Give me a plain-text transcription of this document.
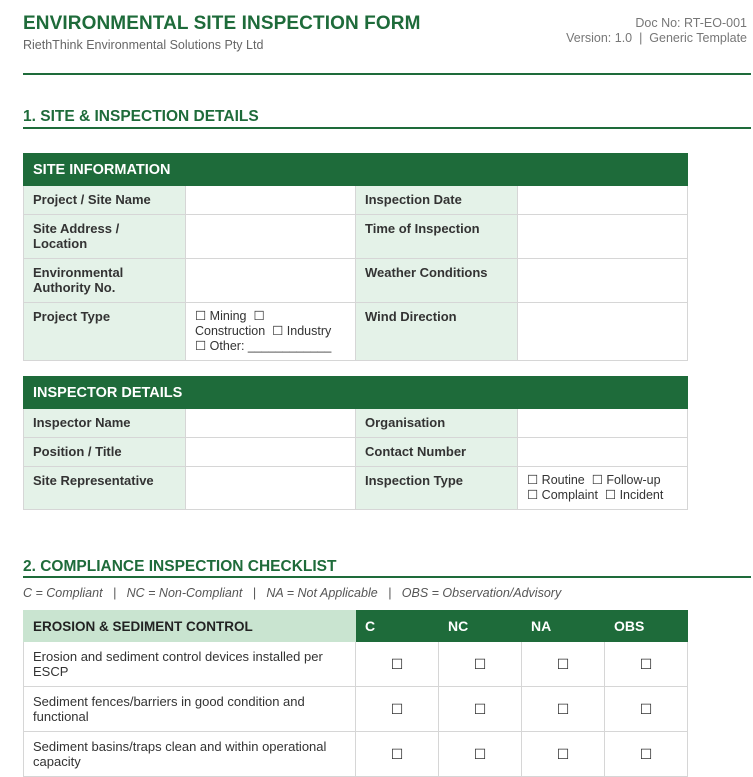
ENVIRONMENTAL SITE INSPECTION FORM
RiethThink Environmental Solutions Pty Ltd
Doc No: RT-EO-001
Version: 1.0  |  Generic Template
1. SITE & INSPECTION DETAILS
SITE INFORMATION			
Project / Site Name		Inspection Date	
Site Address / Location		Time of Inspection	
Environmental Authority No.		Weather Conditions	
Project Type	☐ Mining  ☐
Construction  ☐ Industry
☐ Other: ____________	Wind Direction	
INSPECTOR DETAILS			
Inspector Name		Organisation	
Position / Title		Contact Number	
Site Representative		Inspection Type	☐ Routine  ☐ Follow-up
☐ Complaint  ☐ Incident
2. COMPLIANCE INSPECTION CHECKLIST
C = Compliant   |   NC = Non-Compliant   |   NA = Not Applicable   |   OBS = Observation/Advisory
EROSION & SEDIMENT CONTROL	C	NC	NA	OBS
Erosion and sediment control devices installed per ESCP	☐	☐	☐	☐
Sediment fences/barriers in good condition and functional	☐	☐	☐	☐
Sediment basins/traps clean and within operational capacity	☐	☐	☐	☐
